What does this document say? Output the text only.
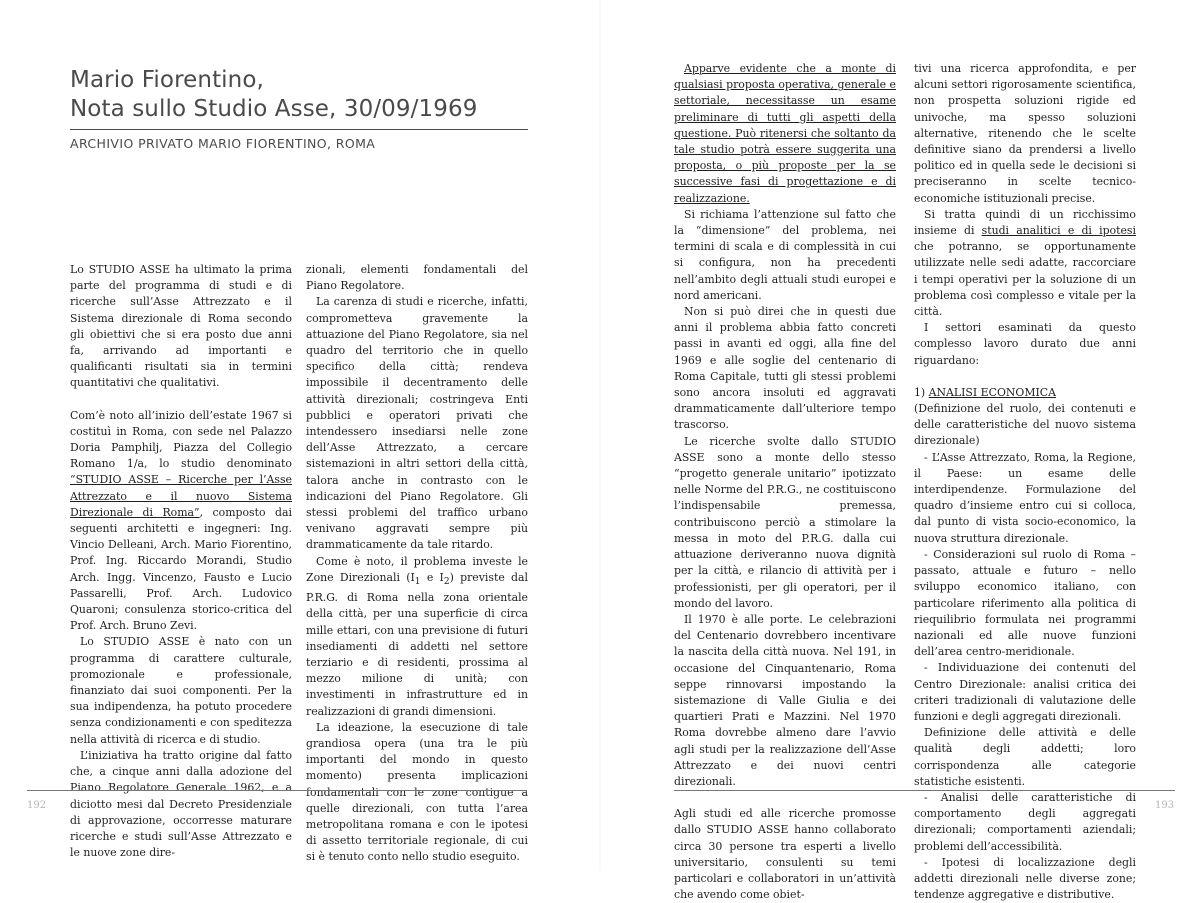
Mario Fiorentino,
Nota sullo Studio Asse, 30/09/1969
ARCHIVIO PRIVATO MARIO FIORENTINO, ROMA

Lo STUDIO ASSE ha ultimato la prima parte del programma di studi e di ricerche sull’Asse Attrezzato e il Sistema direzionale di Roma secondo gli obiettivi che si era posto due anni fa, arrivando ad importanti e qualificanti risultati sia in termini quantitativi che qualitativi.

Com’è noto all’inizio dell’estate 1967 si costituì in Roma, con sede nel Palazzo Doria Pamphilj, Piazza del Collegio Romano 1/a, lo studio denominato “STUDIO ASSE – Ricerche per l’Asse Attrezzato e il nuovo Sistema Direzionale di Roma”, composto dai seguenti architetti e ingegneri: Ing. Vincio Delleani, Arch. Mario Fiorentino, Prof. Ing. Riccardo Morandi, Studio Arch. Ingg. Vincenzo, Fausto e Lucio Passarelli, Prof. Arch. Ludovico Quaroni; consulenza storico-critica del Prof. Arch. Bruno Zevi.

Lo STUDIO ASSE è nato con un programma di carattere culturale, promozionale e professionale, finanziato dai suoi componenti. Per la sua indipendenza, ha potuto procedere senza condizionamenti e con speditezza nella attività di ricerca e di studio.

L’iniziativa ha tratto origine dal fatto che, a cinque anni dalla adozione del Piano Regolatore Generale 1962, e a diciotto mesi dal Decreto Presidenziale di approvazione, occorresse maturare ricerche e studi sull’Asse Attrezzato e le nuove zone dire-

zionali, elementi fondamentali del Piano Regolatore.

La carenza di studi e ricerche, infatti, comprometteva gravemente la attuazione del Piano Regolatore, sia nel quadro del territorio che in quello specifico della città; rendeva impossibile il decentramento delle attività direzionali; costringeva Enti pubblici e operatori privati che intendessero insediarsi nelle zone dell’Asse Attrezzato, a cercare sistemazioni in altri settori della città, talora anche in contrasto con le indicazioni del Piano Regolatore. Gli stessi problemi del traffico urbano venivano aggravati sempre più drammaticamente da tale ritardo.

Come è noto, il problema investe le Zone Direzionali ($I_1$ e $I_2$) previste dal P.R.G. di Roma nella zona orientale della città, per una superficie di circa mille ettari, con una previsione di futuri insediamenti di addetti nel settore terziario e di residenti, prossima al mezzo milione di unità; con investimenti in infrastrutture ed in realizzazioni di grandi dimensioni.

La ideazione, la esecuzione di tale grandiosa opera (una tra le più importanti del mondo in questo momento) presenta implicazioni fondamentali con le zone contigue a quelle direzionali, con tutta l’area metropolitana romana e con le ipotesi di assetto territoriale regionale, di cui si è tenuto conto nello studio eseguito.

192

Apparve evidente che a monte di qualsiasi proposta operativa, generale e settoriale, necessitasse un esame preliminare di tutti gli aspetti della questione. Può ritenersi che soltanto da tale studio potrà essere suggerita una proposta, o più proposte per la se successive fasi di progettazione e di realizzazione.

Si richiama l’attenzione sul fatto che la “dimensione” del problema, nei termini di scala e di complessità in cui si configura, non ha precedenti nell’ambito degli attuali studi europei e nord americani.

Non si può direi che in questi due anni il problema abbia fatto concreti passi in avanti ed oggi, alla fine del 1969 e alle soglie del centenario di Roma Capitale, tutti gli stessi problemi sono ancora insoluti ed aggravati drammaticamente dall’ulteriore tempo trascorso.

Le ricerche svolte dallo STUDIO ASSE sono a monte dello stesso “progetto generale unitario” ipotizzato nelle Norme del P.R.G., ne costituiscono l’indispensabile premessa, contribuiscono perciò a stimolare la messa in moto del P.R.G. dalla cui attuazione deriveranno nuova dignità per la città, e rilancio di attività per i professionisti, per gli operatori, per il mondo del lavoro.

Il 1970 è alle porte. Le celebrazioni del Centenario dovrebbero incentivare la nascita della città nuova. Nel 191, in occasione del Cinquantenario, Roma seppe rinnovarsi impostando la sistemazione di Valle Giulia e dei quartieri Prati e Mazzini. Nel 1970 Roma dovrebbe almeno dare l’avvio agli studi per la realizzazione dell’Asse Attrezzato e dei nuovi centri direzionali.

Agli studi ed alle ricerche promosse dallo STUDIO ASSE hanno collaborato circa 30 persone tra esperti a livello universitario, consulenti su temi particolari e collaboratori in un’attività che avendo come obiet-

tivi una ricerca approfondita, e per alcuni settori rigorosamente scientifica, non prospetta soluzioni rigide ed univoche, ma spesso soluzioni alternative, ritenendo che le scelte definitive siano da prendersi a livello politico ed in quella sede le decisioni si preciseranno in scelte tecnico-economiche istituzionali precise.

Si tratta quindi di un ricchissimo insieme di studi analitici e di ipotesi che potranno, se opportunamente utilizzate nelle sedi adatte, raccorciare i tempi operativi per la soluzione di un problema così complesso e vitale per la città.

I settori esaminati da questo complesso lavoro durato due anni riguardano:

1) ANALISI ECONOMICA

(Definizione del ruolo, dei contenuti e delle caratteristiche del nuovo sistema direzionale)

- L’Asse Attrezzato, Roma, la Regione, il Paese: un esame delle interdipendenze. Formulazione del quadro d’insieme entro cui si colloca, dal punto di vista socio-economico, la nuova struttura direzionale.

- Considerazioni sul ruolo di Roma – passato, attuale e futuro – nello sviluppo economico italiano, con particolare riferimento alla politica di riequilibrio formulata nei programmi nazionali ed alle nuove funzioni dell’area centro-meridionale.

- Individuazione dei contenuti del Centro Direzionale: analisi critica dei criteri tradizionali di valutazione delle funzioni e degli aggregati direzionali.

Definizione delle attività e delle qualità degli addetti; loro corrispondenza alle categorie statistiche esistenti.

- Analisi delle caratteristiche di comportamento degli aggregati direzionali; comportamenti aziendali; problemi dell’accessibilità.

- Ipotesi di localizzazione degli addetti direzionali nelle diverse zone; tendenze aggregative e distributive.

193
